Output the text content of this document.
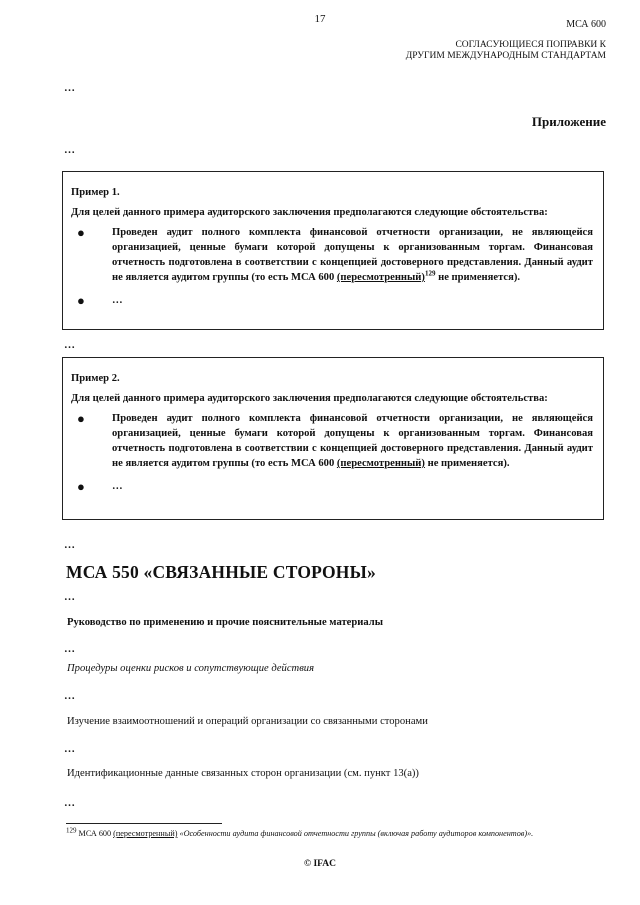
17	МСА 600
СОГЛАСУЮЩИЕСЯ ПОПРАВКИ К
ДРУГИМ МЕЖДУНАРОДНЫМ СТАНДАРТАМ
…
Приложение
…
Пример 1.
Для целей данного примера аудиторского заключения предполагаются следующие обстоятельства:
●	Проведен аудит полного комплекта финансовой отчетности организации, не являющейся организацией, ценные бумаги которой допущены к организованным торгам. Финансовая отчетность подготовлена в соответствии с концепцией достоверного представления. Данный аудит не является аудитом группы (то есть МСА 600 (пересмотренный)$^{129}$ не применяется).
●	…
…
Пример 2.
Для целей данного примера аудиторского заключения предполагаются следующие обстоятельства:
●	Проведен аудит полного комплекта финансовой отчетности организации, не являющейся организацией, ценные бумаги которой допущены к организованным торгам. Финансовая отчетность подготовлена в соответствии с концепцией достоверного представления. Данный аудит не является аудитом группы (то есть МСА 600 (пересмотренный) не применяется).
●	…
…
МСА 550 «СВЯЗАННЫЕ СТОРОНЫ»
…
Руководство по применению и прочие пояснительные материалы
…
Процедуры оценки рисков и сопутствующие действия
…
Изучение взаимоотношений и операций организации со связанными сторонами
…
Идентификационные данные связанных сторон организации (см. пункт 13(a))
…
$^{129}$ МСА 600 (пересмотренный) «Особенности аудита финансовой отчетности группы (включая работу аудиторов компонентов)».
© IFAC
